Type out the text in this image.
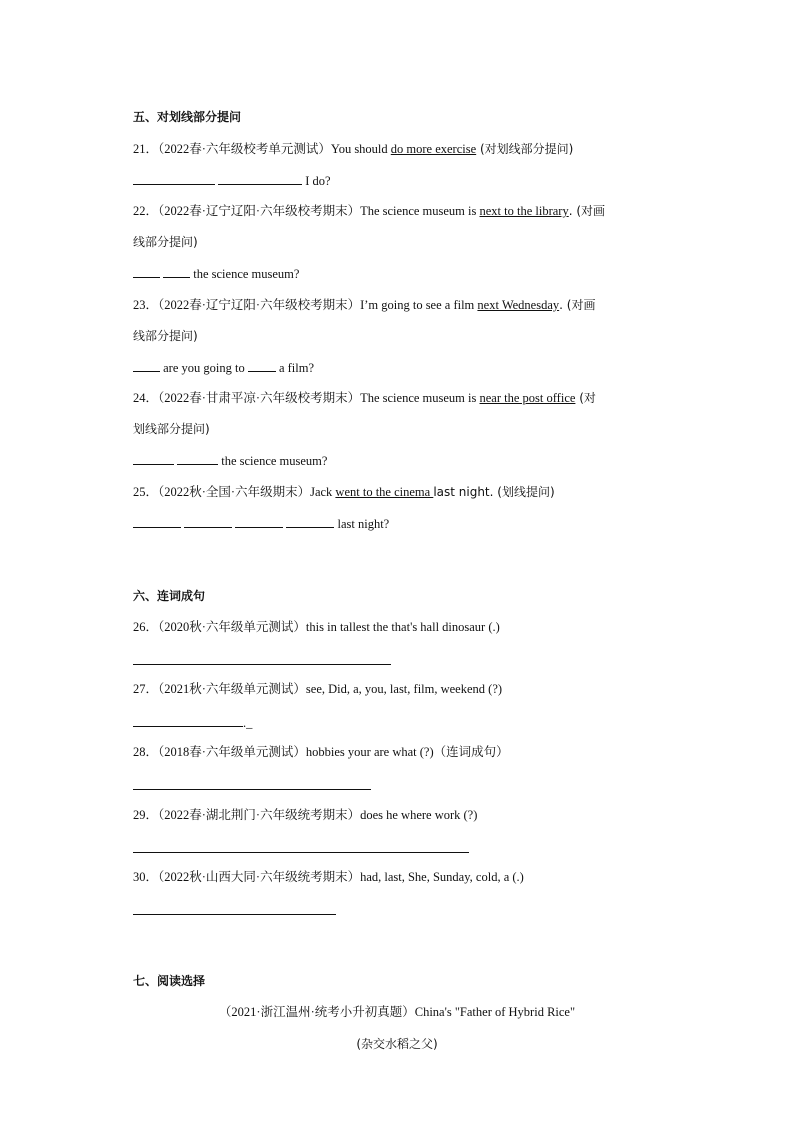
五、对划线部分提问
21．（2022春·六年级校考单元测试）You should do more exercise (对划线部分提问)
I do?
22．（2022春·辽宁辽阳·六年级校考期末）The science museum is next to the library. (对画
线部分提问)
the science museum?
23．（2022春·辽宁辽阳·六年级校考期末）I’m going to see a film next Wednesday. (对画
线部分提问)
are you going to  a film?
24．（2022春·甘肃平凉·六年级校考期末）The science museum is near the post office (对
划线部分提问)
the science museum?
25．（2022秋·全国·六年级期末）Jack went to the cinema last night. (划线提问)
last night?
六、连词成句
26．（2020秋·六年级单元测试）this in tallest the that's hall dinosaur (.)
27．（2021秋·六年级单元测试）see, Did, a, you, last, film, weekend (?)
._
28．（2018春·六年级单元测试）hobbies your are what (?)（连词成句）
29．（2022春·湖北荆门·六年级统考期末）does he where work (?)
30．（2022秋·山西大同·六年级统考期末）had, last, She, Sunday, cold, a (.)
七、阅读选择
（2021·浙江温州·统考小升初真题）China's "Father of Hybrid Rice"
(杂交水稻之父)
